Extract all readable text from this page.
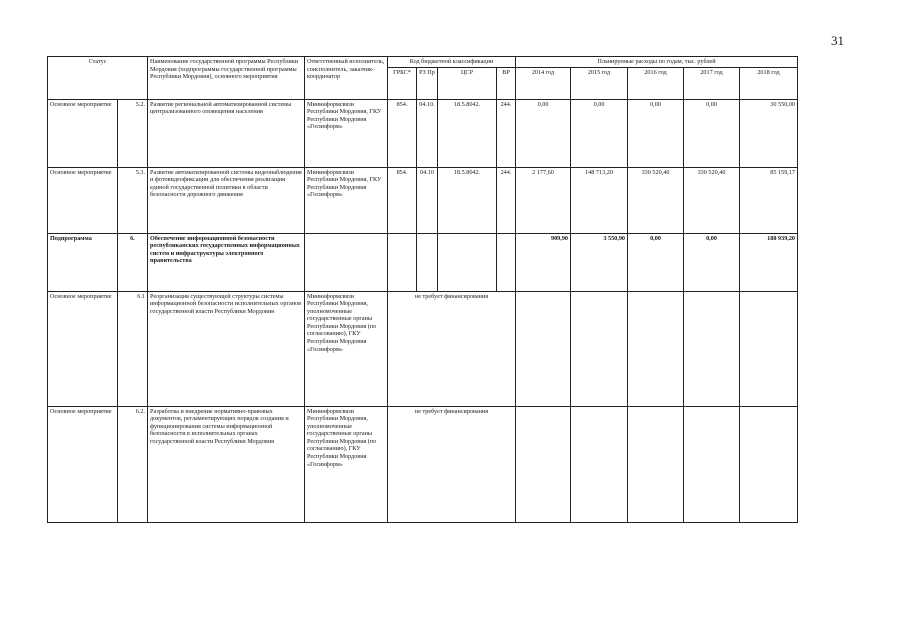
31
Статус		Наименование государственной программы Республики Мордовия (подпрограммы государственной программы Республики Мордовия), основного мероприятия	Ответственный исполнитель, соисполнитель, заказчик-координатор	Код бюджетной классификации				Планируемые расходы по годам, тыс. рублей				
				ГРБС*	РЗ Пр	ЦСР	ВР	2014 год	2015 год	2016 год	2017 год	2018 год
Основное мероприятие	5.2.	Развитие региональной автоматизированной системы централизованного оповещения населения	Мининформсвязи Республики Мордовия, ГКУ Республики Мордовия «Госинформ»	854.	04.10.	18.5.8042.	244.	0,00	0,00	0,00	0,00	30 550,00
Основное мероприятие	5.3.	Развитие автоматизированной системы видеонаблюдения и фотовидеофиксации для обеспечения реализации единой государственной политики в области безопасности дорожного движения	Мининформсвязи Республики Мордовия, ГКУ Республики Мордовия «Госинформ»	854.	04.10	18.5.8042.	244.	2 177,60	148 713,20	330 520,40	330 520,40	85 159,17
Подпрограмма	6.	Обеспечение информационной безопасности республиканских государственных информационных систем и инфраструктуры электронного правительства						909,90	3 550,90	0,00	0,00	188 939,20
Основное мероприятие	6.1	Реорганизация существующей структуры системы информационной безопасности исполнительных органов государственной власти Республики Мордовия	Мининформсвязи Республики Мордовия, уполномоченные государственные органы Республики Мордовия (по согласованию), ГКУ Республики Мордовия «Госинформ»	не требует финансирования								
Основное мероприятие	6.2.	Разработка и внедрение нормативно-правовых документов, регламентирующих порядок создания и функционирования системы информационной безопасности в исполнительных органах государственной власти Республики Мордовия	Мининформсвязи Республики Мордовия, уполномоченные государственные органы Республики Мордовия (по согласованию), ГКУ Республики Мордовия «Госинформ»	не требует финансирования								
